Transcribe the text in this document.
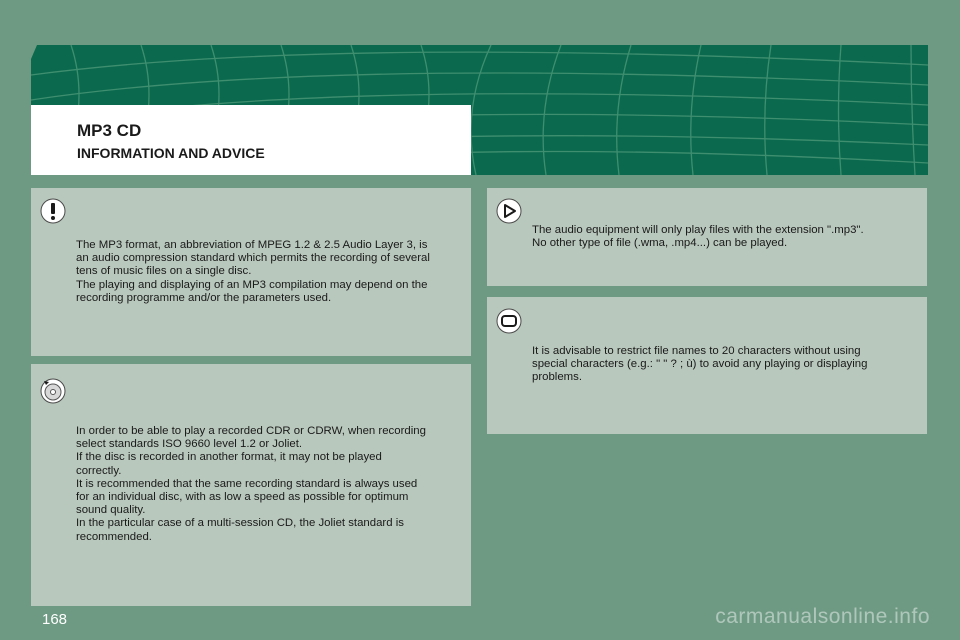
MP3 CD
INFORMATION AND ADVICE
The MP3 format, an abbreviation of MPEG 1.2 & 2.5 Audio Layer 3, is
an audio compression standard which permits the recording of several
tens of music files on a single disc.
The playing and displaying of an MP3 compilation may depend on the
recording programme and/or the parameters used.
In order to be able to play a recorded CDR or CDRW, when recording
select standards ISO 9660 level 1.2 or Joliet.
If the disc is recorded in another format, it may not be played
correctly.
It is recommended that the same recording standard is always used
for an individual disc, with as low a speed as possible for optimum
sound quality.
In the particular case of a multi-session CD, the Joliet standard is
recommended.
The audio equipment will only play files with the extension ".mp3".
No other type of file (.wma, .mp4...) can be played.
It is advisable to restrict file names to 20 characters without using
special characters (e.g.: " " ? ; ù) to avoid any playing or displaying
problems.
168	carmanualsonline.info
